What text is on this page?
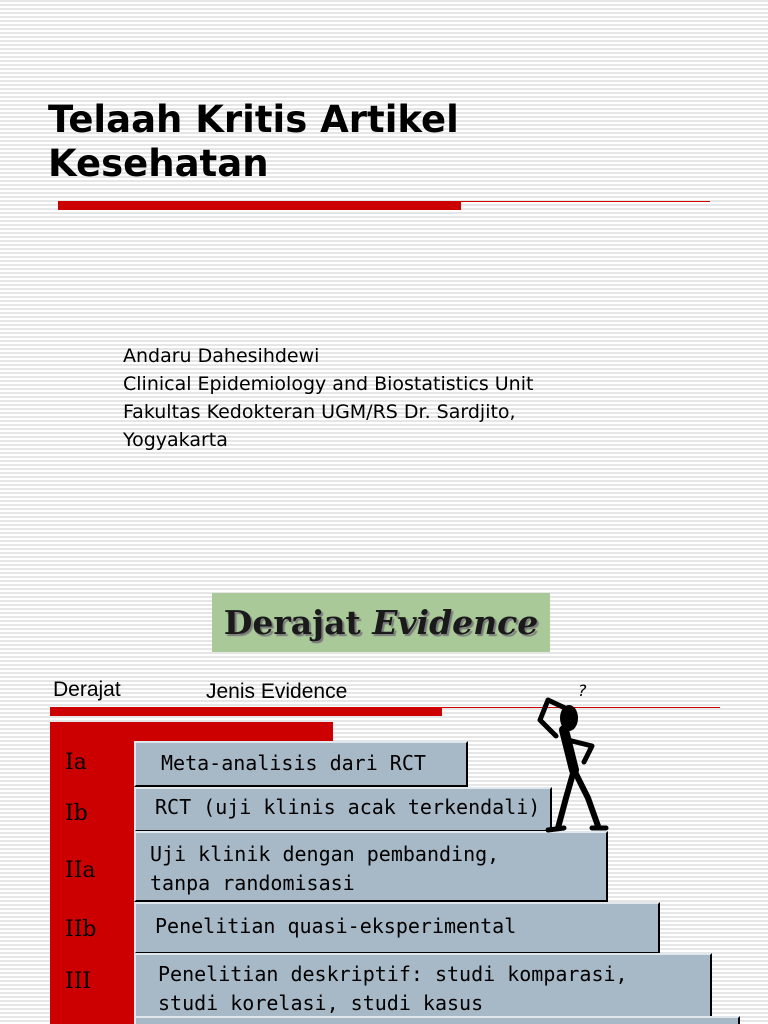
Telaah Kritis Artikel
Kesehatan
Andaru Dahesihdewi
Clinical Epidemiology and Biostatistics Unit
Fakultas Kedokteran UGM/RS Dr. Sardjito,
Yogyakarta
Derajat Evidence
Derajat	Jenis Evidence
Ia
Ib
IIa
IIb
III
Meta-analisis dari RCT
RCT (uji klinis acak terkendali)
Uji klinik dengan pembanding,
tanpa randomisasi
Penelitian quasi-eksperimental
Penelitian deskriptif: studi komparasi,
studi korelasi, studi kasus
?
